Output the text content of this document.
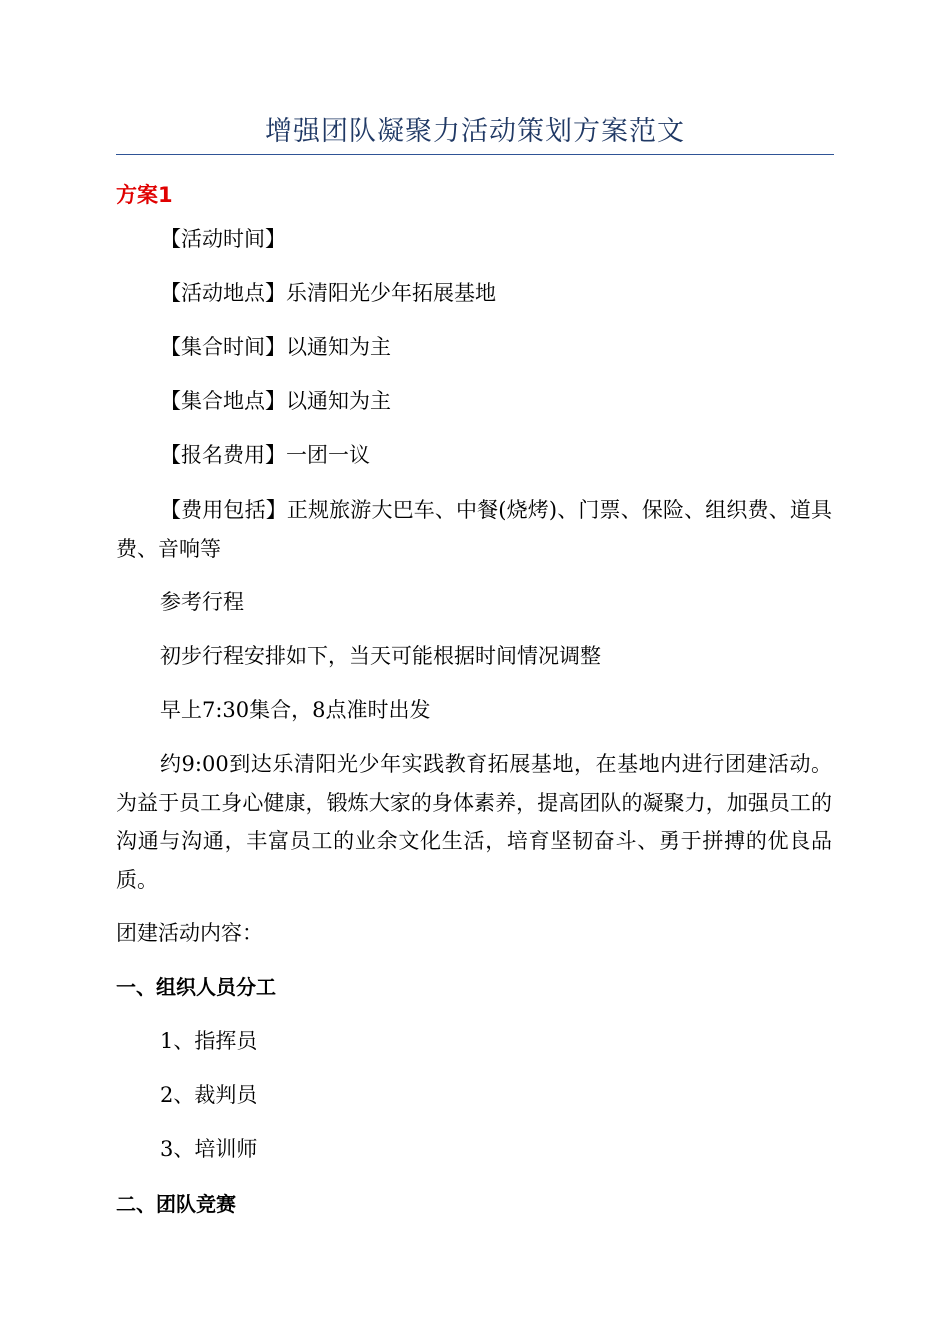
增强团队凝聚力活动策划方案范文
方案1
【活动时间】
【活动地点】乐清阳光少年拓展基地
【集合时间】以通知为主
【集合地点】以通知为主
【报名费用】一团一议
【费用包括】正规旅游大巴车、中餐(烧烤)、门票、保险、组织费、道具费、音响等
参考行程
初步行程安排如下，当天可能根据时间情况调整
早上7:30集合，8点准时出发
约9:00到达乐清阳光少年实践教育拓展基地，在基地内进行团建活动。为益于员工身心健康，锻炼大家的身体素养，提高团队的凝聚力，加强员工的沟通与沟通，丰富员工的业余文化生活，培育坚韧奋斗、勇于拼搏的优良品质。
团建活动内容：
一、组织人员分工
1、指挥员
2、裁判员
3、培训师
二、团队竞赛
